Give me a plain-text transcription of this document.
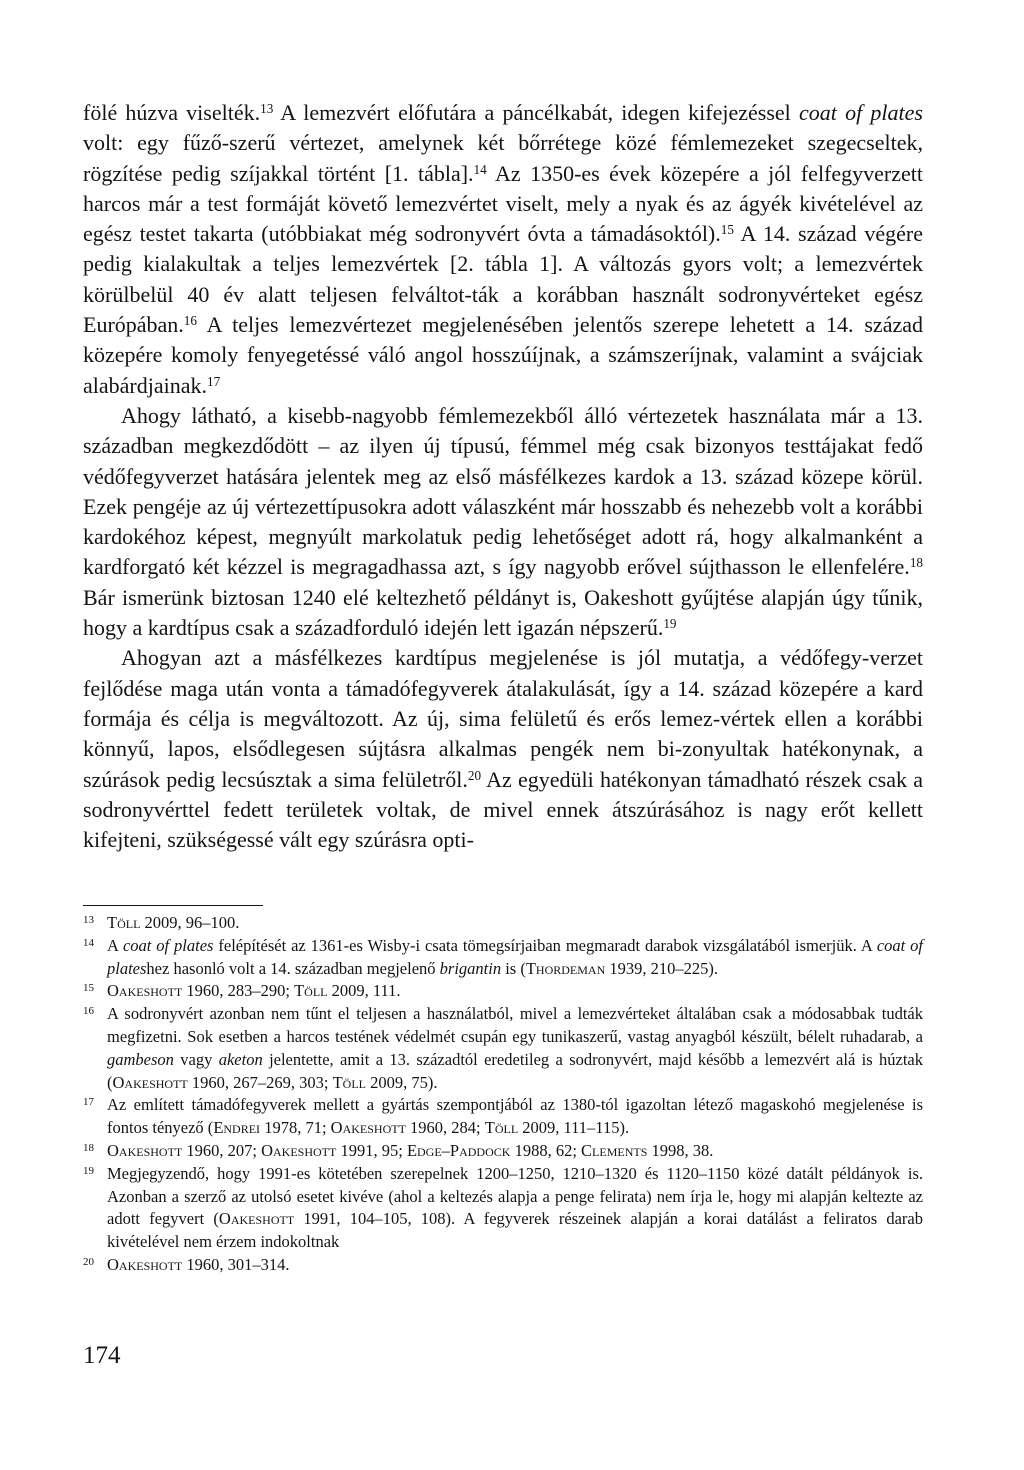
fölé húzva viselték.$^{13}$ A lemezvért előfutára a páncélkabát, idegen kifejezéssel coat of plates volt: egy fűző-szerű vértezet, amelynek két bőrrétege közé fémlemezeket szegecseltek, rögzítése pedig szíjakkal történt [1. tábla].$^{14}$ Az 1350-es évek közepére a jól felfegyverzett harcos már a test formáját követő lemezvértet viselt, mely a nyak és az ágyék kivételével az egész testet takarta (utóbbiakat még sodronyvért óvta a támadásoktól).$^{15}$ A 14. század végére pedig kialakultak a teljes lemezvértek [2. tábla 1]. A változás gyors volt; a lemezvértek körülbelül 40 év alatt teljesen felváltot-ták a korábban használt sodronyvérteket egész Európában.$^{16}$ A teljes lemezvértezet megjelenésében jelentős szerepe lehetett a 14. század közepére komoly fenyegetéssé váló angol hosszúíjnak, a számszeríjnak, valamint a svájciak alabárdjainak.$^{17}$

Ahogy látható, a kisebb-nagyobb fémlemezekből álló vértezetek használata már a 13. században megkezdődött – az ilyen új típusú, fémmel még csak bizonyos testtájakat fedő védőfegyverzet hatására jelentek meg az első másfélkezes kardok a 13. század közepe körül. Ezek pengéje az új vértezettípusokra adott válaszként már hosszabb és nehezebb volt a korábbi kardokéhoz képest, megnyúlt markolatuk pedig lehetőséget adott rá, hogy alkalmanként a kardforgató két kézzel is megragadhassa azt, s így nagyobb erővel sújthasson le ellenfelére.$^{18}$ Bár ismerünk biztosan 1240 elé keltezhető példányt is, Oakeshott gyűjtése alapján úgy tűnik, hogy a kardtípus csak a századforduló idején lett igazán népszerű.$^{19}$

Ahogyan azt a másfélkezes kardtípus megjelenése is jól mutatja, a védőfegy-verzet fejlődése maga után vonta a támadófegyverek átalakulását, így a 14. század közepére a kard formája és célja is megváltozott. Az új, sima felületű és erős lemez-vértek ellen a korábbi könnyű, lapos, elsődlegesen sújtásra alkalmas pengék nem bi-zonyultak hatékonynak, a szúrások pedig lecsúsztak a sima felületről.$^{20}$ Az egyedüli hatékonyan támadható részek csak a sodronyvérttel fedett területek voltak, de mivel ennek átszúrásához is nagy erőt kellett kifejteni, szükségessé vált egy szúrásra opti-

13 Töll 2009, 96–100.
14 A coat of plates felépítését az 1361-es Wisby-i csata tömegsírjaiban megmaradt darabok vizsgálatából ismerjük. A coat of plateshez hasonló volt a 14. században megjelenő brigantin is (Thordeman 1939, 210–225).
15 Oakeshott 1960, 283–290; Töll 2009, 111.
16 A sodronyvért azonban nem tűnt el teljesen a használatból, mivel a lemezvérteket általában csak a módosabbak tudták megfizetni. Sok esetben a harcos testének védelmét csupán egy tunikaszerű, vastag anyagból készült, bélelt ruhadarab, a gambeson vagy aketon jelentette, amit a 13. századtól eredetileg a sodronyvért, majd később a lemezvért alá is húztak (Oakeshott 1960, 267–269, 303; Töll 2009, 75).
17 Az említett támadófegyverek mellett a gyártás szempontjából az 1380-tól igazoltan létező magaskohó megjelenése is fontos tényező (Endrei 1978, 71; Oakeshott 1960, 284; Töll 2009, 111–115).
18 Oakeshott 1960, 207; Oakeshott 1991, 95; Edge–Paddock 1988, 62; Clements 1998, 38.
19 Megjegyzendő, hogy 1991-es kötetében szerepelnek 1200–1250, 1210–1320 és 1120–1150 közé datált példányok is. Azonban a szerző az utolsó esetet kivéve (ahol a keltezés alapja a penge felirata) nem írja le, hogy mi alapján keltezte az adott fegyvert (Oakeshott 1991, 104–105, 108). A fegyverek részeinek alapján a korai datálást a feliratos darab kivételével nem érzem indokoltnak
20 Oakeshott 1960, 301–314.
174
